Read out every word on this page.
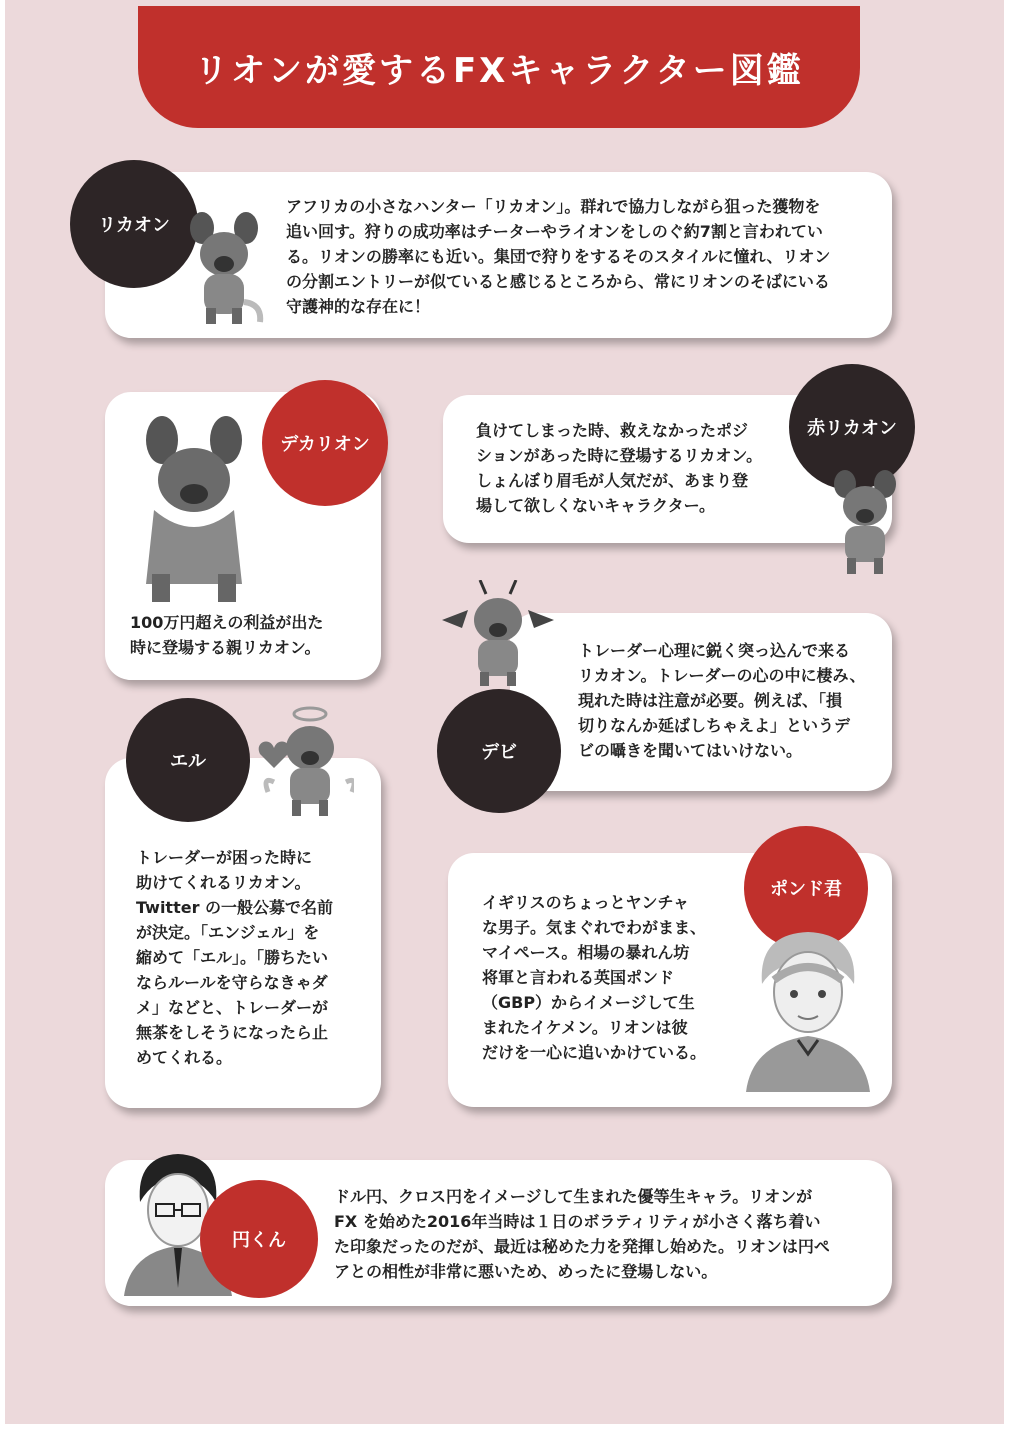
リオンが愛するFXキャラクター図鑑
リカオン
アフリカの小さなハンター「リカオン」。群れで協力しながら狙った獲物を
追い回す。狩りの成功率はチーターやライオンをしのぐ約7割と言われてい
る。リオンの勝率にも近い。集団で狩りをするそのスタイルに憧れ、リオン
の分割エントリーが似ていると感じるところから、常にリオンのそばにいる
守護神的な存在に！
デカリオン
100万円超えの利益が出た
時に登場する親リカオン。
赤リカオン
負けてしまった時、救えなかったポジ
ションがあった時に登場するリカオン。
しょんぼり眉毛が人気だが、あまり登
場して欲しくないキャラクター。
デビ
トレーダー心理に鋭く突っ込んで来る
リカオン。トレーダーの心の中に棲み、
現れた時は注意が必要。例えば、「損
切りなんか延ばしちゃえよ」というデ
ビの囁きを聞いてはいけない。
エル
トレーダーが困った時に
助けてくれるリカオン。
Twitter の一般公募で名前
が決定。「エンジェル」を
縮めて「エル」。「勝ちたい
ならルールを守らなきゃダ
メ」などと、トレーダーが
無茶をしそうになったら止
めてくれる。
ポンド君
イギリスのちょっとヤンチャ
な男子。気まぐれでわがまま、
マイペース。相場の暴れん坊
将軍と言われる英国ポンド
（GBP）からイメージして生
まれたイケメン。リオンは彼
だけを一心に追いかけている。
円くん
ドル円、クロス円をイメージして生まれた優等生キャラ。リオンが
FX を始めた2016年当時は１日のボラティリティが小さく落ち着い
た印象だったのだが、最近は秘めた力を発揮し始めた。リオンは円ペ
アとの相性が非常に悪いため、めったに登場しない。
